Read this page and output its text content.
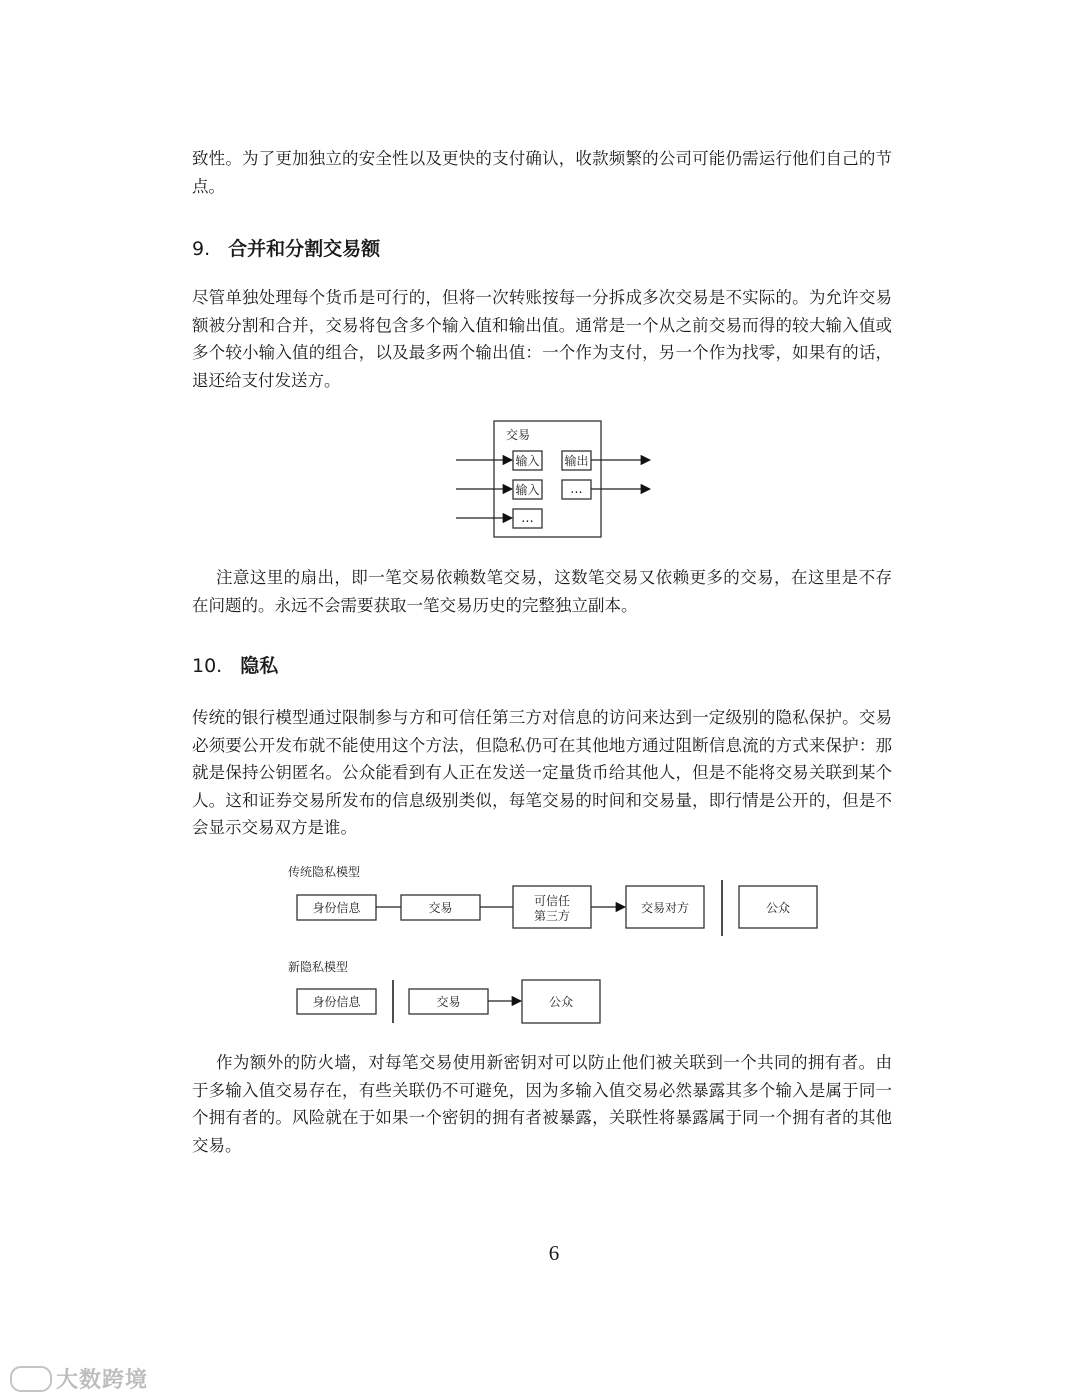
致性。为了更加独立的安全性以及更快的支付确认，收款频繁的公司可能仍需运行他们自己的节点。

9. 合并和分割交易额

尽管单独处理每个货币是可行的，但将一次转账按每一分拆成多次交易是不实际的。为允许交易额被分割和合并，交易将包含多个输入值和输出值。通常是一个从之前交易而得的较大输入值或多个较小输入值的组合，以及最多两个输出值：一个作为支付，另一个作为找零，如果有的话，退还给支付发送方。

交易
输入
输入
...
输出
...

注意这里的扇出，即一笔交易依赖数笔交易，这数笔交易又依赖更多的交易，在这里是不存在问题的。永远不会需要获取一笔交易历史的完整独立副本。

10. 隐私

传统的银行模型通过限制参与方和可信任第三方对信息的访问来达到一定级别的隐私保护。交易必须要公开发布就不能使用这个方法，但隐私仍可在其他地方通过阻断信息流的方式来保护：那就是保持公钥匿名。公众能看到有人正在发送一定量货币给其他人，但是不能将交易关联到某个人。这和证券交易所发布的信息级别类似，每笔交易的时间和交易量，即行情是公开的，但是不会显示交易双方是谁。

传统隐私模型
身份信息	交易	可信任
第三方
交易对方	公众
新隐私模型
身份信息	交易	公众

作为额外的防火墙，对每笔交易使用新密钥对可以防止他们被关联到一个共同的拥有者。由于多输入值交易存在，有些关联仍不可避免，因为多输入值交易必然暴露其多个输入是属于同一个拥有者的。风险就在于如果一个密钥的拥有者被暴露，关联性将暴露属于同一个拥有者的其他交易。

6
大数跨境
